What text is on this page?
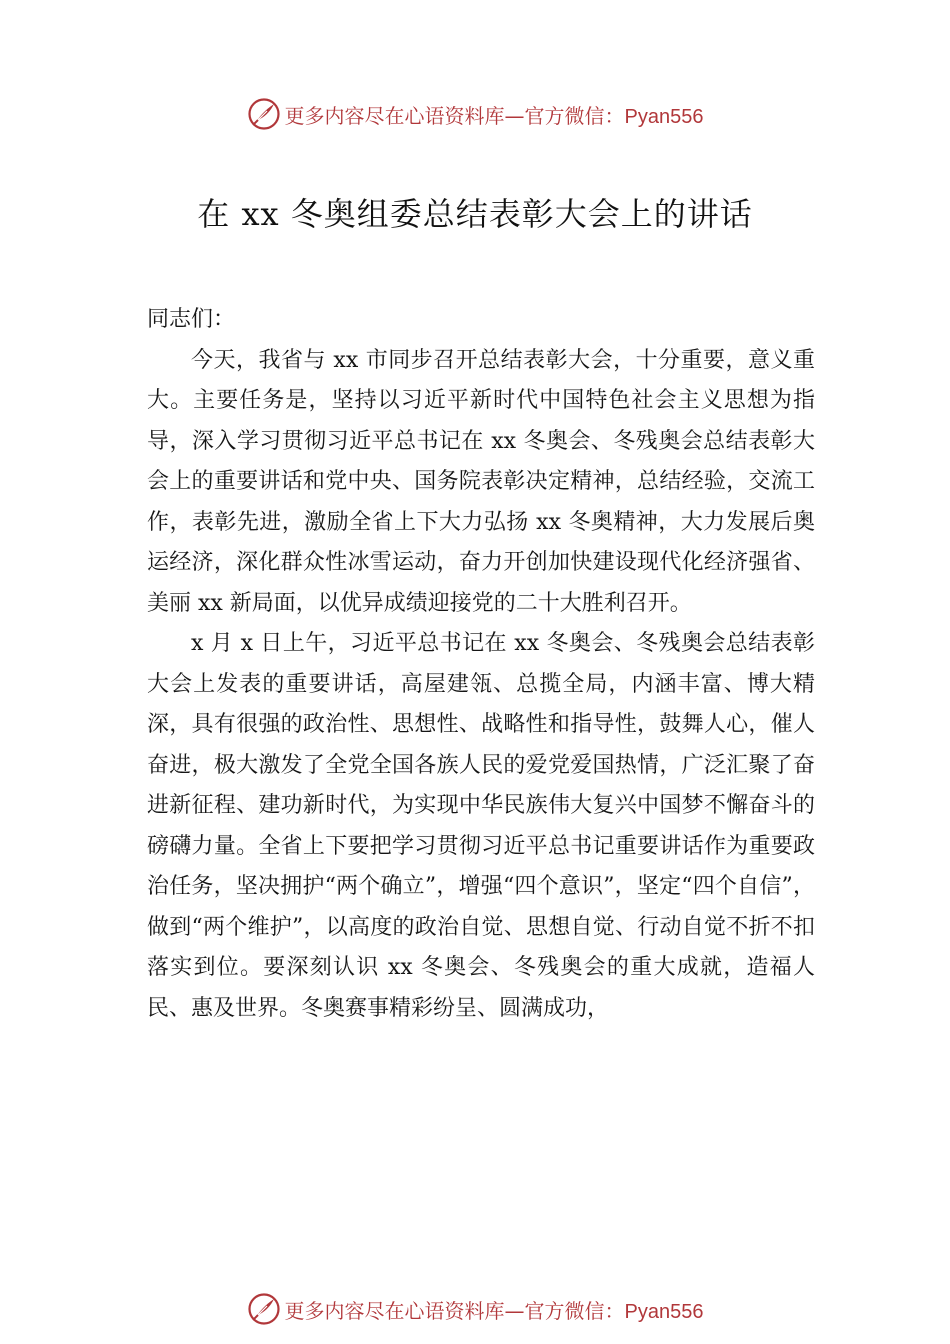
更多内容尽在心语资料库—官方微信：Pyan556
在 xx 冬奥组委总结表彰大会上的讲话

同志们：

今天，我省与 xx 市同步召开总结表彰大会，十分重要，意义重大。主要任务是，坚持以习近平新时代中国特色社会主义思想为指导，深入学习贯彻习近平总书记在 xx 冬奥会、冬残奥会总结表彰大会上的重要讲话和党中央、国务院表彰决定精神，总结经验，交流工作，表彰先进，激励全省上下大力弘扬 xx 冬奥精神，大力发展后奥运经济，深化群众性冰雪运动，奋力开创加快建设现代化经济强省、美丽 xx 新局面，以优异成绩迎接党的二十大胜利召开。

x 月 x 日上午，习近平总书记在 xx 冬奥会、冬残奥会总结表彰大会上发表的重要讲话，高屋建瓴、总揽全局，内涵丰富、博大精深，具有很强的政治性、思想性、战略性和指导性，鼓舞人心，催人奋进，极大激发了全党全国各族人民的爱党爱国热情，广泛汇聚了奋进新征程、建功新时代，为实现中华民族伟大复兴中国梦不懈奋斗的磅礴力量。全省上下要把学习贯彻习近平总书记重要讲话作为重要政治任务，坚决拥护“两个确立”，增强“四个意识”，坚定“四个自信”，做到“两个维护”，以高度的政治自觉、思想自觉、行动自觉不折不扣落实到位。要深刻认识 xx 冬奥会、冬残奥会的重大成就，造福人民、惠及世界。冬奥赛事精彩纷呈、圆满成功，

更多内容尽在心语资料库—官方微信：Pyan556
